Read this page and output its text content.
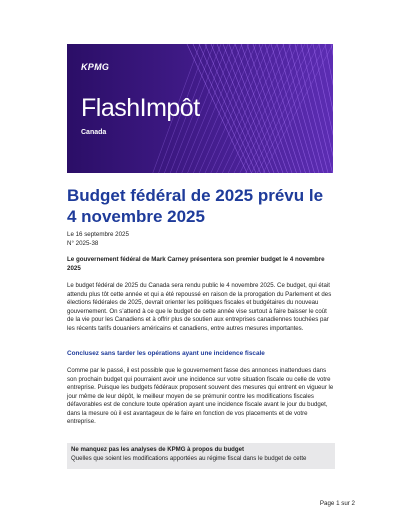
KPMG
FlashImpôt
Canada
Budget fédéral de 2025 prévu le 4 novembre 2025
Le 16 septembre 2025
N° 2025-38
Le gouvernement fédéral de Mark Carney présentera son premier budget le 4 novembre 2025

Le budget fédéral de 2025 du Canada sera rendu public le 4 novembre 2025. Ce budget, qui était attendu plus tôt cette année et qui a été repoussé en raison de la prorogation du Parlement et des élections fédérales de 2025, devrait orienter les politiques fiscales et budgétaires du nouveau gouvernement. On s’attend à ce que le budget de cette année vise surtout à faire baisser le coût de la vie pour les Canadiens et à offrir plus de soutien aux entreprises canadiennes touchées par les récents tarifs douaniers américains et canadiens, entre autres mesures importantes.

Conclusez sans tarder les opérations ayant une incidence fiscale

Comme par le passé, il est possible que le gouvernement fasse des annonces inattendues dans son prochain budget qui pourraient avoir une incidence sur votre situation fiscale ou celle de votre entreprise. Puisque les budgets fédéraux proposent souvent des mesures qui entrent en vigueur le jour même de leur dépôt, le meilleur moyen de se prémunir contre les modifications fiscales défavorables est de conclure toute opération ayant une incidence fiscale avant le jour du budget, dans la mesure où il est avantageux de le faire en fonction de vos placements et de votre entreprise.

Ne manquez pas les analyses de KPMG à propos du budget
Quelles que soient les modifications apportées au régime fiscal dans le budget de cette
Page 1 sur 2
